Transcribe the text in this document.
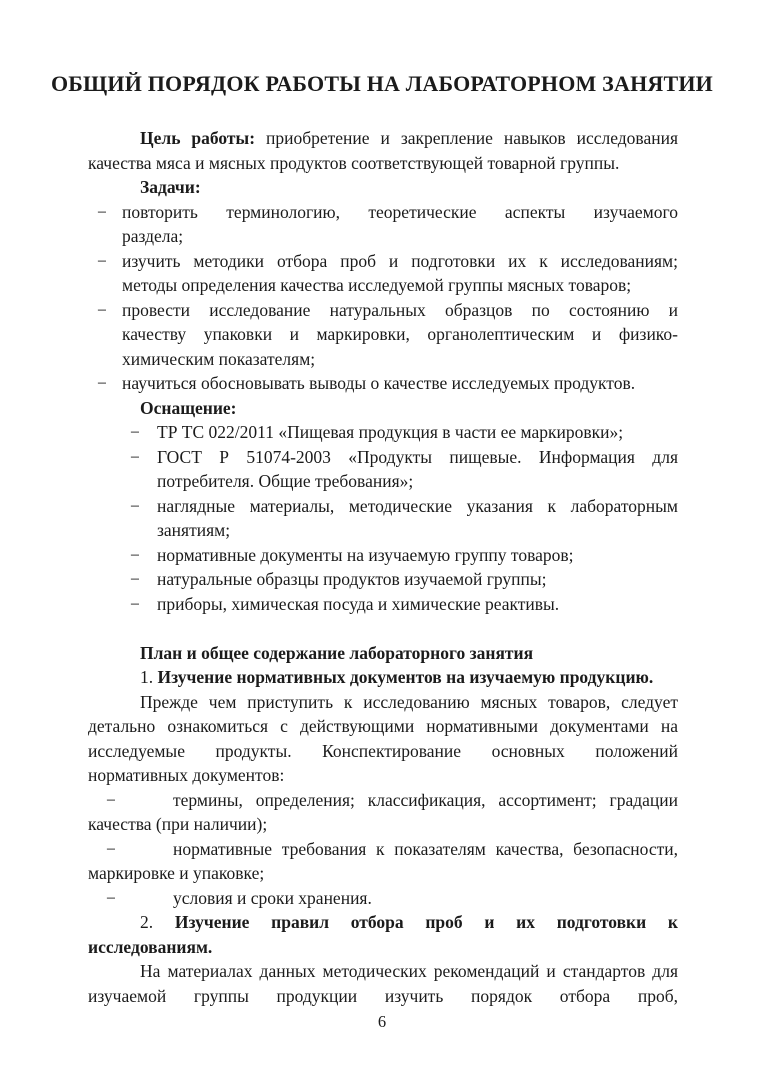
ОБЩИЙ ПОРЯДОК РАБОТЫ НА ЛАБОРАТОРНОМ ЗАНЯТИИ
Цель работы: приобретение и закрепление навыков исследования
качества мяса и мясных продуктов соответствующей товарной группы.
Задачи:
− повторить терминологию, теоретические аспекты изучаемого
раздела;
− изучить методики отбора проб и подготовки их к исследованиям;
методы определения качества исследуемой группы мясных товаров;
− провести исследование натуральных образцов по состоянию и
качеству упаковки и маркировки, органолептическим и физико-
химическим показателям;
− научиться обосновывать выводы о качестве исследуемых продуктов.
Оснащение:
− ТР ТС 022/2011 «Пищевая продукция в части ее маркировки»;
− ГОСТ Р 51074-2003 «Продукты пищевые. Информация для
потребителя. Общие требования»;
− наглядные материалы, методические указания к лабораторным
занятиям;
− нормативные документы на изучаемую группу товаров;
− натуральные образцы продуктов изучаемой группы;
− приборы, химическая посуда и химические реактивы.
План и общее содержание лабораторного занятия
1. Изучение нормативных документов на изучаемую продукцию.
Прежде чем приступить к исследованию мясных товаров, следует
детально ознакомиться с действующими нормативными документами на
исследуемые продукты. Конспектирование основных положений
нормативных документов:
−	термины, определения; классификация, ассортимент; градации
качества (при наличии);
−	нормативные требования к показателям качества, безопасности,
маркировке и упаковке;
−	условия и сроки хранения.
2. Изучение правил отбора проб и их подготовки к
исследованиям.
На материалах данных методических рекомендаций и стандартов для
изучаемой группы продукции изучить порядок отбора проб,
6
